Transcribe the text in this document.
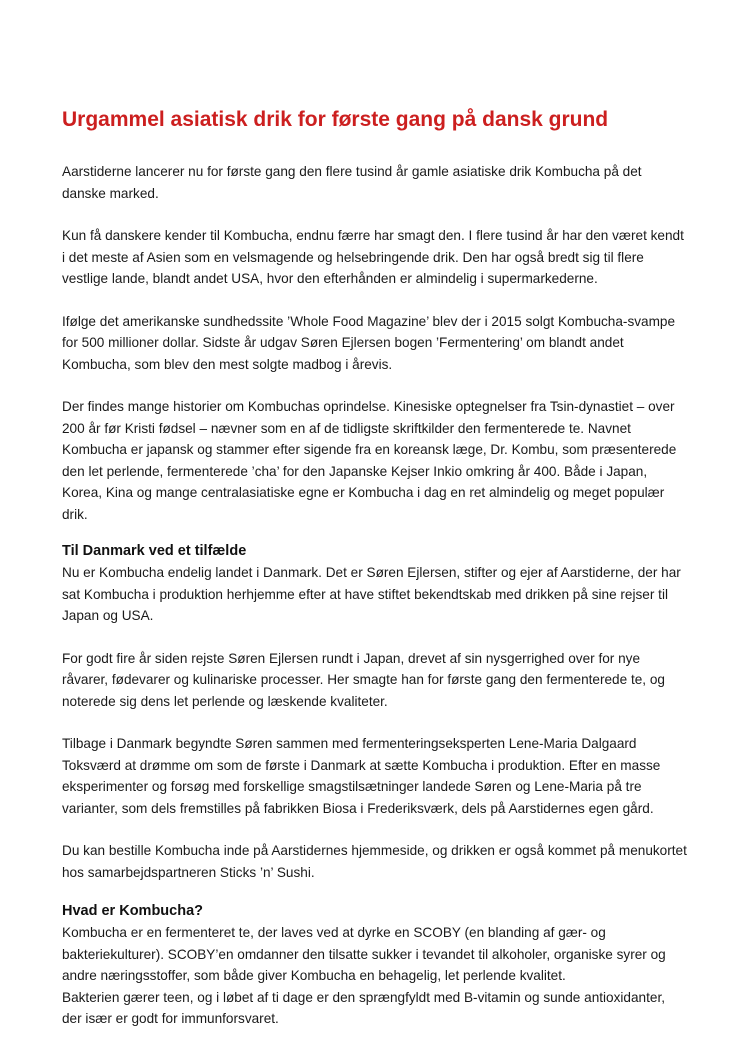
Urgammel asiatisk drik for første gang på dansk grund

Aarstiderne lancerer nu for første gang den flere tusind år gamle asiatiske drik Kombucha på det danske marked.

Kun få danskere kender til Kombucha, endnu færre har smagt den. I flere tusind år har den været kendt i det meste af Asien som en velsmagende og helsebringende drik. Den har også bredt sig til flere vestlige lande, blandt andet USA, hvor den efterhånden er almindelig i supermarkederne.

Ifølge det amerikanske sundhedssite ’Whole Food Magazine’ blev der i 2015 solgt Kombucha-svampe for 500 millioner dollar. Sidste år udgav Søren Ejlersen bogen ’Fermentering’ om blandt andet Kombucha, som blev den mest solgte madbog i årevis.

Der findes mange historier om Kombuchas oprindelse. Kinesiske optegnelser fra Tsin-dynastiet – over 200 år før Kristi fødsel – nævner som en af de tidligste skriftkilder den fermenterede te. Navnet Kombucha er japansk og stammer efter sigende fra en koreansk læge, Dr. Kombu, som præsenterede den let perlende, fermenterede ’cha’ for den Japanske Kejser Inkio omkring år 400. Både i Japan, Korea, Kina og mange centralasiatiske egne er Kombucha i dag en ret almindelig og meget populær drik.

Til Danmark ved et tilfælde

Nu er Kombucha endelig landet i Danmark. Det er Søren Ejlersen, stifter og ejer af Aarstiderne, der har sat Kombucha i produktion herhjemme efter at have stiftet bekendtskab med drikken på sine rejser til Japan og USA.

For godt fire år siden rejste Søren Ejlersen rundt i Japan, drevet af sin nysgerrighed over for nye råvarer, fødevarer og kulinariske processer. Her smagte han for første gang den fermenterede te, og noterede sig dens let perlende og læskende kvaliteter.

Tilbage i Danmark begyndte Søren sammen med fermenteringseksperten Lene-Maria Dalgaard Toksværd at drømme om som de første i Danmark at sætte Kombucha i produktion. Efter en masse eksperimenter og forsøg med forskellige smagstilsætninger landede Søren og Lene-Maria på tre varianter, som dels fremstilles på fabrikken Biosa i Frederiksværk, dels på Aarstidernes egen gård.

Du kan bestille Kombucha inde på Aarstidernes hjemmeside, og drikken er også kommet på menukortet hos samarbejdspartneren Sticks ’n’ Sushi.

Hvad er Kombucha?

Kombucha er en fermenteret te, der laves ved at dyrke en SCOBY (en blanding af gær- og bakteriekulturer). SCOBY’en omdanner den tilsatte sukker i tevandet til alkoholer, organiske syrer og andre næringsstoffer, som både giver Kombucha en behagelig, let perlende kvalitet.

Bakterien gærer teen, og i løbet af ti dage er den sprængfyldt med B-vitamin og sunde antioxidanter, der især er godt for immunforsvaret.
